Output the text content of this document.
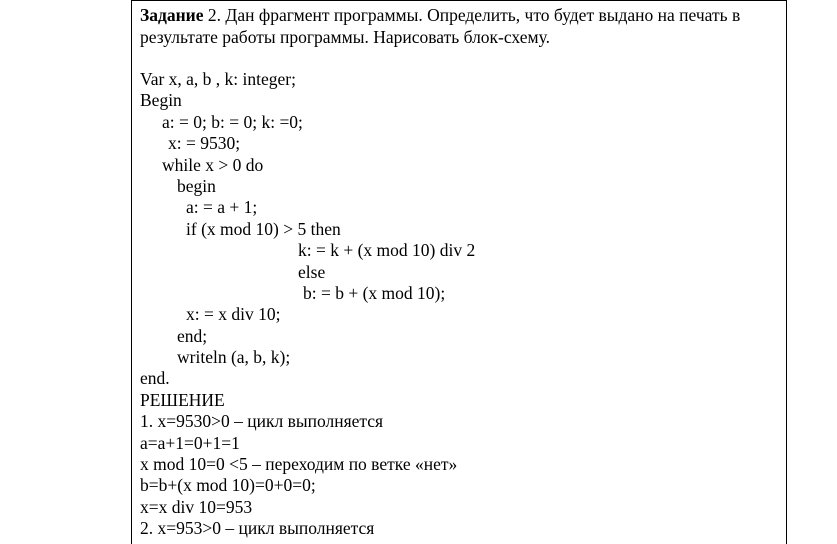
Задание 2. Дан фрагмент программы. Определить, что будет выдано на печать в результате работы программы. Нарисовать блок-схему.
Var x, a, b , k: integer;
Begin
a: = 0; b: = 0; k: =0;
x: = 9530;
while x > 0 do
begin
a: = a + 1;
if (x mod 10) > 5 then
k: = k + (x mod 10) div 2
else
b: = b + (x mod 10);
x: = x div 10;
end;
writeln (a, b, k);
end.
РЕШЕНИЕ
1. x=9530>0 – цикл выполняется
a=a+1=0+1=1
x mod 10=0 <5 – переходим по ветке «нет»
b=b+(x mod 10)=0+0=0;
x=x div 10=953
2. x=953>0 – цикл выполняется
